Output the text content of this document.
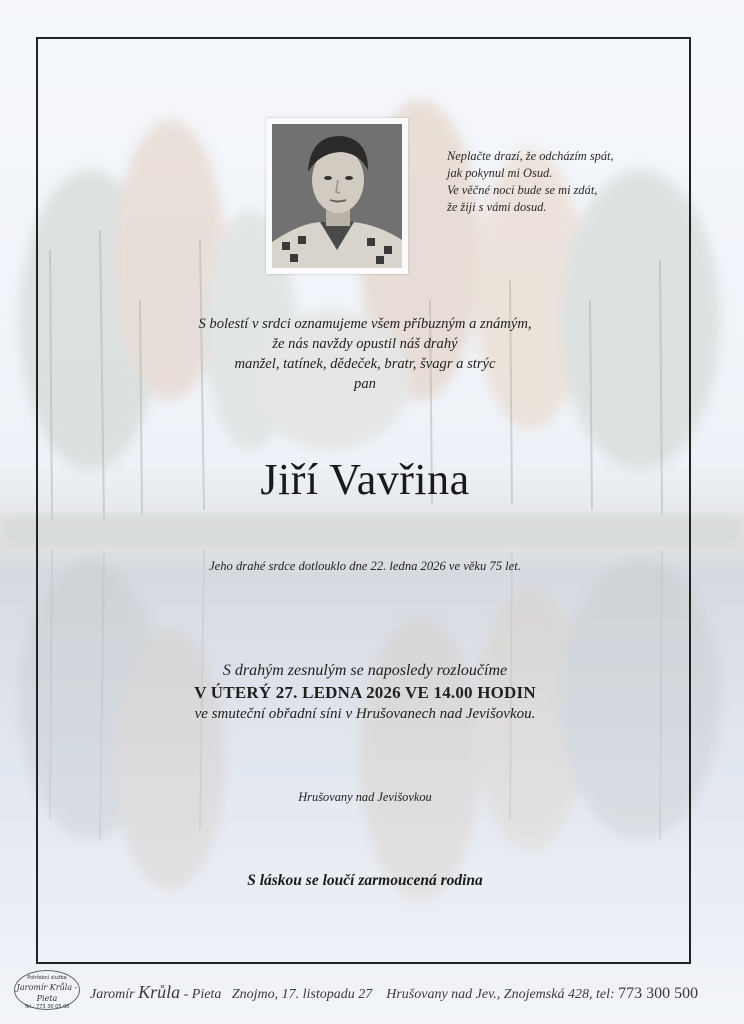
Neplačte drazí, že odcházím spát,
jak pokynul mi Osud.
Ve věčné noci bude se mi zdát,
že žiji s vámi dosud.
S bolestí v srdci oznamujeme všem příbuzným a známým,
že nás navždy opustil náš drahý
manžel, tatínek, dědeček, bratr, švagr a strýc
pan
Jiří Vavřina
Jeho drahé srdce dotlouklo dne 22. ledna 2026 ve věku 75 let.
S drahým zesnulým se naposledy rozloučíme
V ÚTERÝ 27. LEDNA 2026 VE 14.00 HODIN
ve smuteční obřadní síni v Hrušovanech nad Jevišovkou.
Hrušovany nad Jevišovkou
S láskou se loučí zarmoucená rodina
Pohřební služba
Jaromír Krůla - Pieta
Tel.: 773 30 05 00
Jaromír Krůla - Pieta Znojmo, 17. listopadu 27 Hrušovany nad Jev., Znojemská 428, tel: 773 300 500
